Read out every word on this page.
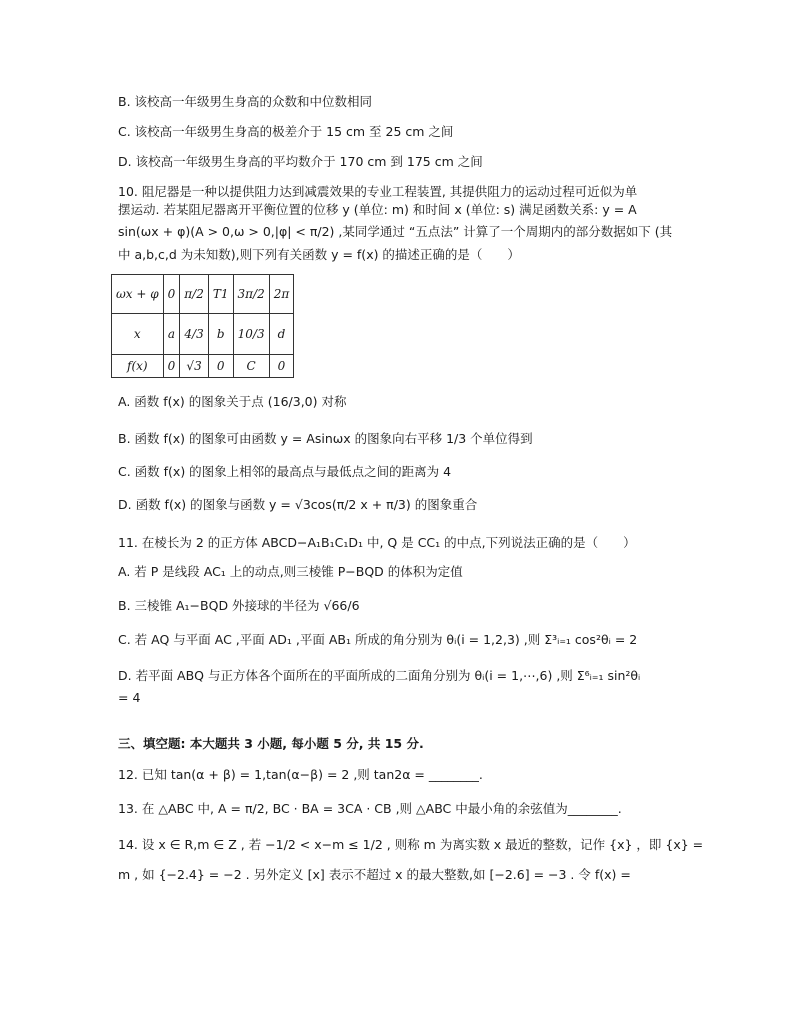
B. 该校高一年级男生身高的众数和中位数相同
C. 该校高一年级男生身高的极差介于 15 cm 至 25 cm 之间
D. 该校高一年级男生身高的平均数介于 170 cm 到 175 cm 之间
10. 阻尼器是一种以提供阻力达到减震效果的专业工程装置, 其提供阻力的运动过程可近似为单
摆运动. 若某阻尼器离开平衡位置的位移 y (单位: m) 和时间 x (单位: s) 满足函数关系: y = A
sin(ωx + φ)(A > 0,ω > 0,|φ| < π/2) ,某同学通过 “五点法” 计算了一个周期内的部分数据如下 (其
中 a,b,c,d 为未知数),则下列有关函数 y = f(x) 的描述正确的是（　　）
ωx + φ	0	π/2	T1	3π/2	2π
x	a	4/3	b	10/3	d
f(x)	0	√3	0	C	0
A. 函数 f(x) 的图象关于点 (16/3,0) 对称
B. 函数 f(x) 的图象可由函数 y = Asinωx 的图象向右平移 1/3 个单位得到
C. 函数 f(x) 的图象上相邻的最高点与最低点之间的距离为 4
D. 函数 f(x) 的图象与函数 y = √3cos(π/2 x + π/3) 的图象重合
11. 在棱长为 2 的正方体 ABCD−A₁B₁C₁D₁ 中, Q 是 CC₁ 的中点,下列说法正确的是（　　）
A. 若 P 是线段 AC₁ 上的动点,则三棱锥 P−BQD 的体积为定值
B. 三棱锥 A₁−BQD 外接球的半径为 √66/6
C. 若 AQ 与平面 AC ,平面 AD₁ ,平面 AB₁ 所成的角分别为 θᵢ(i = 1,2,3) ,则 Σ³ᵢ₌₁ cos²θᵢ = 2
D. 若平面 ABQ 与正方体各个面所在的平面所成的二面角分别为 θᵢ(i = 1,⋯,6) ,则 Σ⁶ᵢ₌₁ sin²θᵢ
= 4
三、填空题: 本大题共 3 小题, 每小题 5 分, 共 15 分.
12. 已知 tan(α + β) = 1,tan(α−β) = 2 ,则 tan2α = ________.
13. 在 △ABC 中, A = π/2, BC · BA = 3CA · CB ,则 △ABC 中最小角的余弦值为________.
14. 设 x ∈ R,m ∈ Z , 若 −1/2 < x−m ≤ 1/2 , 则称 m 为离实数 x 最近的整数，记作 {x} ，即 {x} =
m , 如 {−2.4} = −2 . 另外定义 [x] 表示不超过 x 的最大整数,如 [−2.6] = −3 . 令 f(x) =
